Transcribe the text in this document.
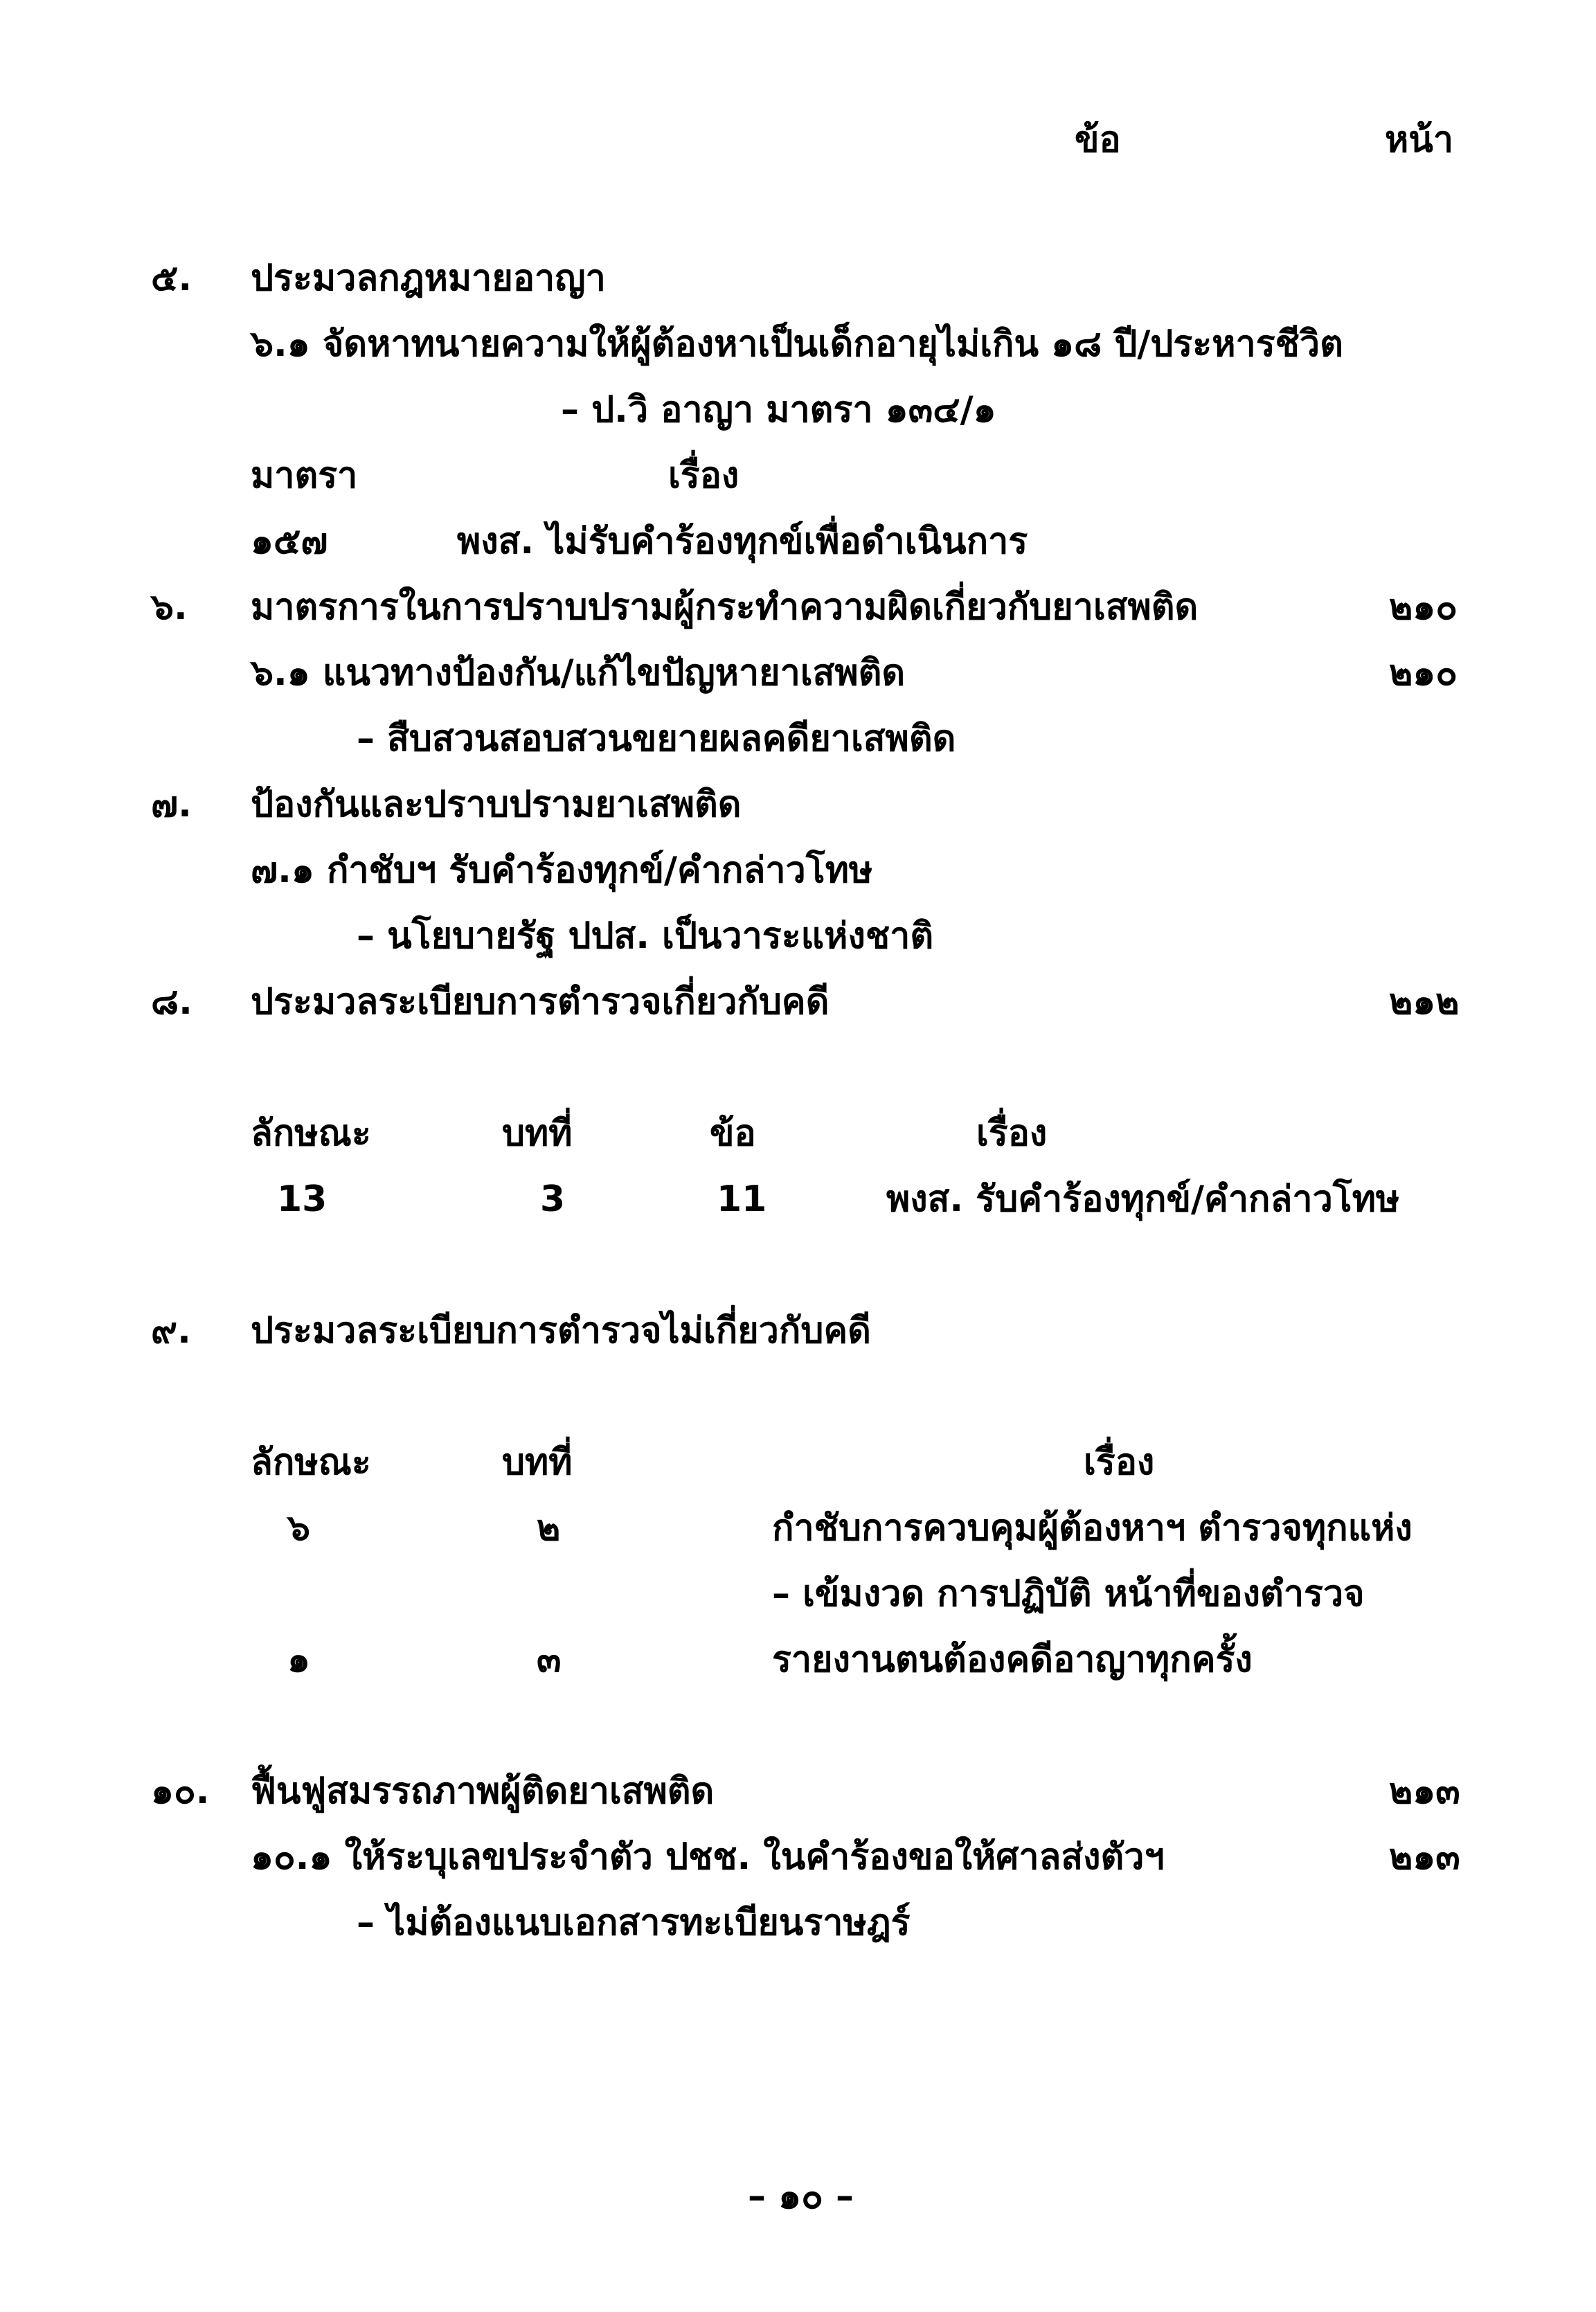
ข้อ	หน้า
๕. ประมวลกฎหมายอาญา
๖.๑ จัดหาทนายความให้ผู้ต้องหาเป็นเด็กอายุไม่เกิน ๑๘ ปี/ประหารชีวิต
– ป.วิ อาญา มาตรา ๑๓๔/๑
มาตรา	เรื่อง
๑๕๗	พงส. ไม่รับคำร้องทุกข์เพื่อดำเนินการ
๖. มาตรการในการปราบปรามผู้กระทำความผิดเกี่ยวกับยาเสพติด	๒๑๐
๖.๑ แนวทางป้องกัน/แก้ไขปัญหายาเสพติด	๒๑๐
– สืบสวนสอบสวนขยายผลคดียาเสพติด
๗. ป้องกันและปราบปรามยาเสพติด
๗.๑ กำชับฯ รับคำร้องทุกข์/คำกล่าวโทษ
– นโยบายรัฐ ปปส. เป็นวาระแห่งชาติ
๘. ประมวลระเบียบการตำรวจเกี่ยวกับคดี	๒๑๒
ลักษณะ	บทที่	ข้อ	เรื่อง
13	3	11	พงส. รับคำร้องทุกข์/คำกล่าวโทษ
๙. ประมวลระเบียบการตำรวจไม่เกี่ยวกับคดี
ลักษณะ	บทที่	เรื่อง
๖	๒	กำชับการควบคุมผู้ต้องหาฯ ตำรวจทุกแห่ง
– เข้มงวด การปฏิบัติ หน้าที่ของตำรวจ
๑	๓	รายงานตนต้องคดีอาญาทุกครั้ง
๑๐. ฟื้นฟูสมรรถภาพผู้ติดยาเสพติด	๒๑๓
๑๐.๑ ให้ระบุเลขประจำตัว ปชช. ในคำร้องขอให้ศาลส่งตัวฯ	๒๑๓
– ไม่ต้องแนบเอกสารทะเบียนราษฎร์
– ๑๐ –
